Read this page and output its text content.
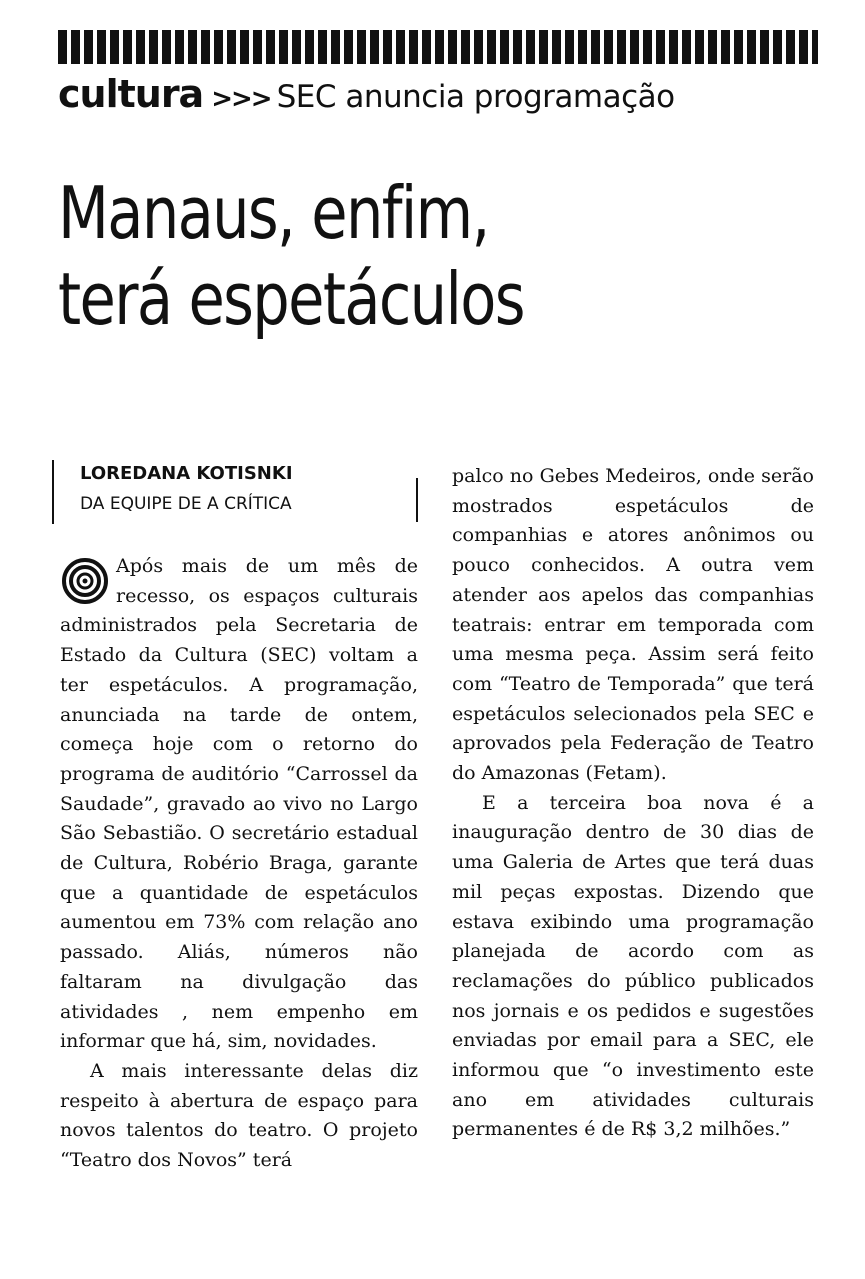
cultura >>> SEC anuncia programação
Manaus, enfim,
terá espetáculos
LOREDANA KOTISNKI
DA EQUIPE DE A CRÍTICA

Após mais de um mês de recesso, os espaços culturais administrados pela Secretaria de Estado da Cultura (SEC) voltam a ter espetáculos. A programação, anunciada na tarde de ontem, começa hoje com o retorno do programa de auditório “Carrossel da Saudade”, gravado ao vivo no Largo São Sebastião. O secretário estadual de Cultura, Robério Braga, garante que a quantidade de espetáculos aumentou em 73% com relação ano passado. Aliás, números não faltaram na divulgação das atividades , nem empenho em informar que há, sim, novidades.

A mais interessante delas diz respeito à abertura de espaço para novos talentos do teatro. O projeto “Teatro dos Novos” terá

palco no Gebes Medeiros, onde serão mostrados espetáculos de companhias e atores anônimos ou pouco conhecidos. A outra vem atender aos apelos das companhias teatrais: entrar em temporada com uma mesma peça. Assim será feito com “Teatro de Temporada” que terá espetáculos selecionados pela SEC e aprovados pela Federação de Teatro do Amazonas (Fetam).

E a terceira boa nova é a inauguração dentro de 30 dias de uma Galeria de Artes que terá duas mil peças expostas. Dizendo que estava exibindo uma programação planejada de acordo com as reclamações do público publicados nos jornais e os pedidos e sugestões enviadas por email para a SEC, ele informou que “o investimento este ano em atividades culturais permanentes é de R$ 3,2 milhões.”
